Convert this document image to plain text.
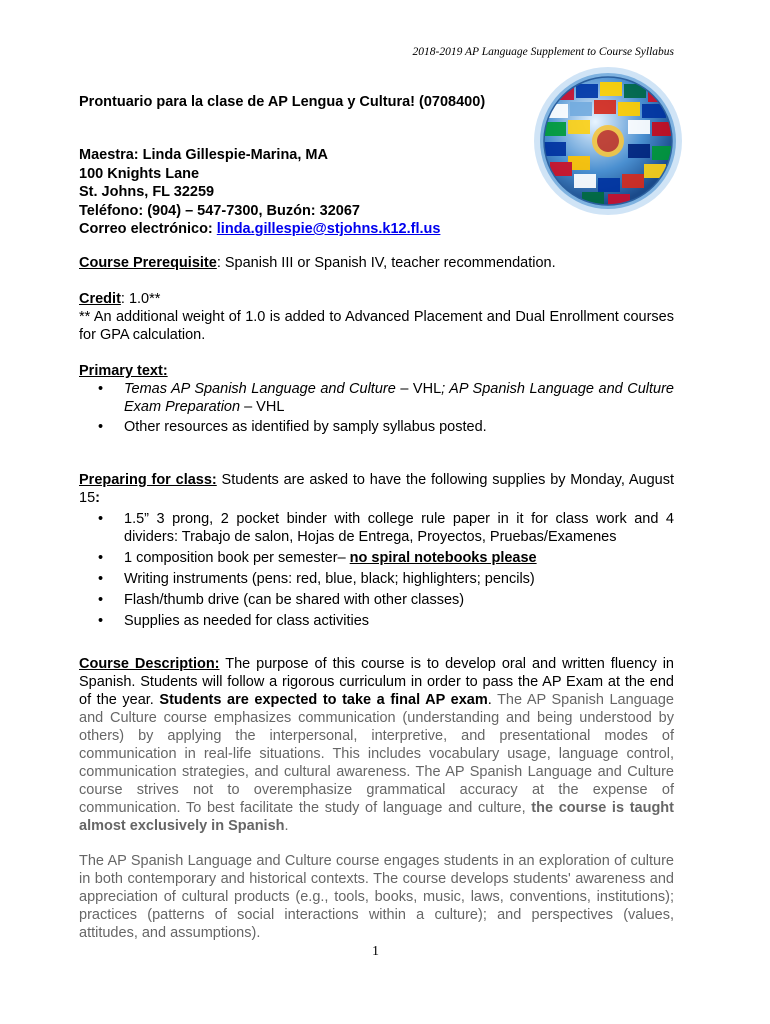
2018-2019 AP Language Supplement to Course Syllabus
Prontuario para la clase de AP Lengua y Cultura! (0708400)
Maestra: Linda Gillespie-Marina, MA
100 Knights Lane
St. Johns, FL 32259
Teléfono: (904) – 547-7300, Buzón: 32067
Correo electrónico: linda.gillespie@stjohns.k12.fl.us
Course Prerequisite: Spanish III or Spanish IV, teacher recommendation.
Credit: 1.0**
** An additional weight of 1.0 is added to Advanced Placement and Dual Enrollment courses for GPA calculation.
Primary text:
• Temas AP Spanish Language and Culture – VHL; AP Spanish Language and Culture Exam Preparation – VHL
• Other resources as identified by samply syllabus posted.
Preparing for class: Students are asked to have the following supplies by Monday, August 15:
• 1.5” 3 prong, 2 pocket binder with college rule paper in it for class work and 4 dividers: Trabajo de salon, Hojas de Entrega, Proyectos, Pruebas/Examenes
• 1 composition book per semester– no spiral notebooks please
• Writing instruments (pens: red, blue, black; highlighters; pencils)
• Flash/thumb drive (can be shared with other classes)
• Supplies as needed for class activities
Course Description: The purpose of this course is to develop oral and written fluency in Spanish. Students will follow a rigorous curriculum in order to pass the AP Exam at the end of the year. Students are expected to take a final AP exam. The AP Spanish Language and Culture course emphasizes communication (understanding and being understood by others) by applying the interpersonal, interpretive, and presentational modes of communication in real-life situations. This includes vocabulary usage, language control, communication strategies, and cultural awareness. The AP Spanish Language and Culture course strives not to overemphasize grammatical accuracy at the expense of communication. To best facilitate the study of language and culture, the course is taught almost exclusively in Spanish.
The AP Spanish Language and Culture course engages students in an exploration of culture in both contemporary and historical contexts. The course develops students' awareness and appreciation of cultural products (e.g., tools, books, music, laws, conventions, institutions); practices (patterns of social interactions within a culture); and perspectives (values, attitudes, and assumptions).
1
